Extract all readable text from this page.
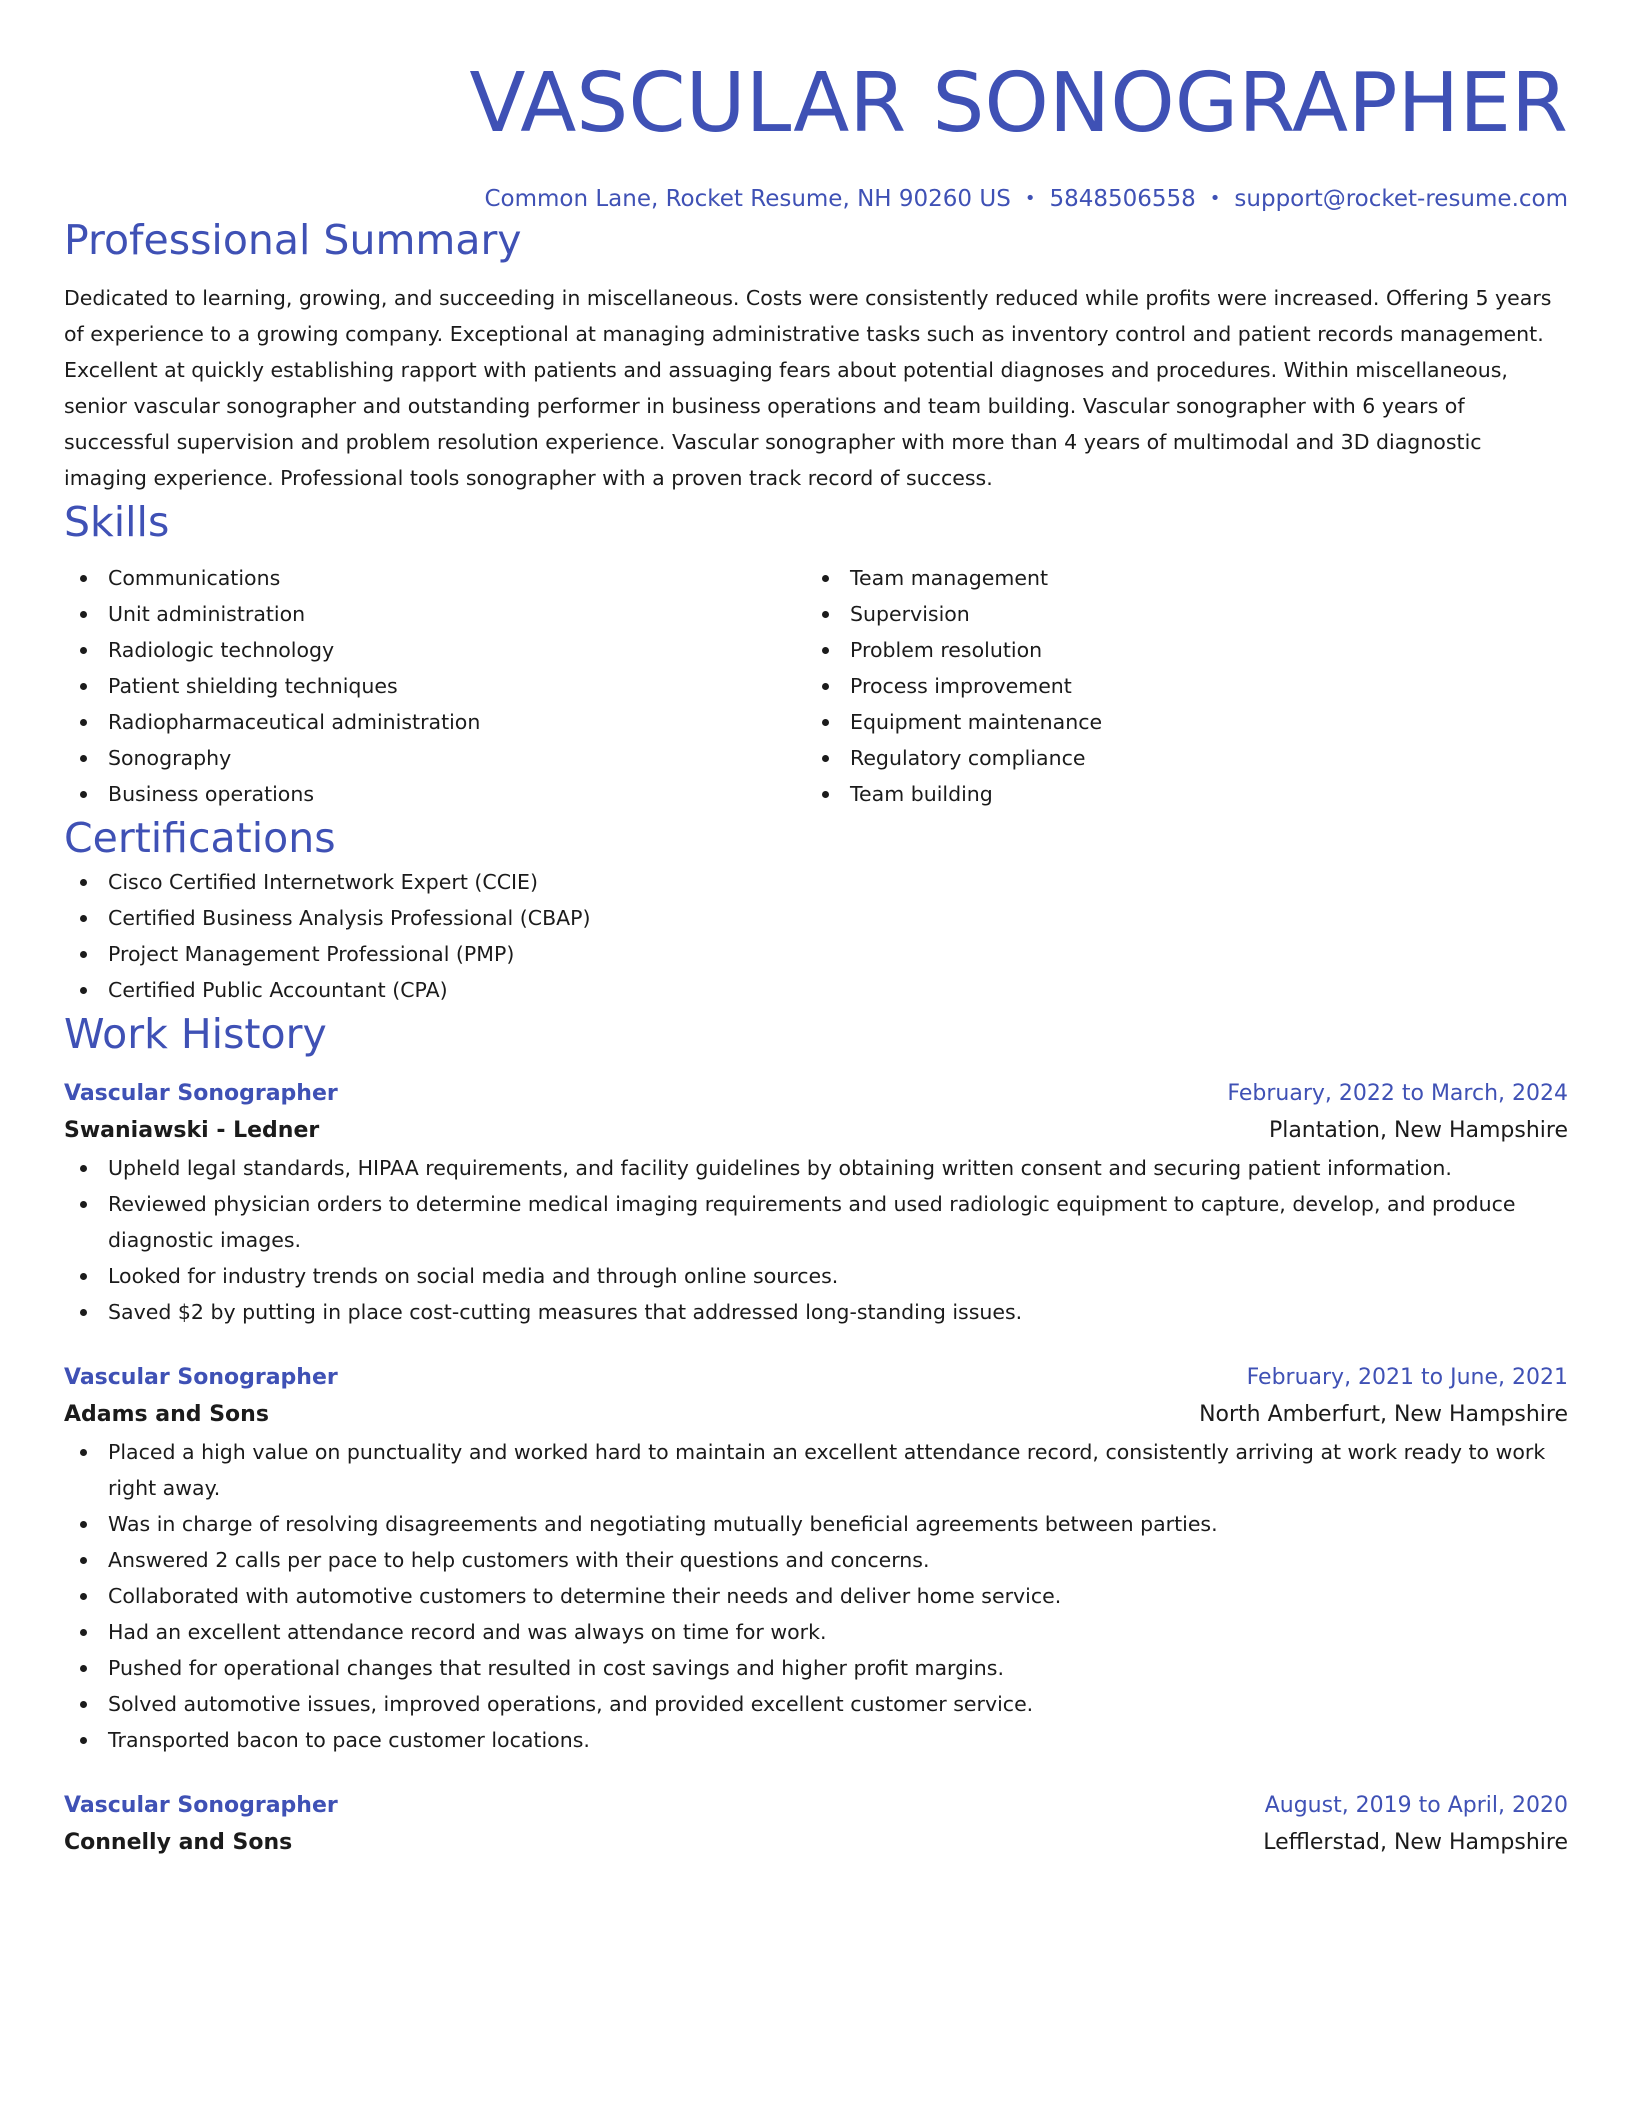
VASCULAR SONOGRAPHER
Common Lane, Rocket Resume, NH 90260 US • 5848506558 • support@rocket-resume.com
Professional Summary

Dedicated to learning, growing, and succeeding in miscellaneous. Costs were consistently reduced while profits were increased. Offering 5 years of experience to a growing company. Exceptional at managing administrative tasks such as inventory control and patient records management. Excellent at quickly establishing rapport with patients and assuaging fears about potential diagnoses and procedures. Within miscellaneous, senior vascular sonographer and outstanding performer in business operations and team building. Vascular sonographer with 6 years of successful supervision and problem resolution experience. Vascular sonographer with more than 4 years of multimodal and 3D diagnostic imaging experience. Professional tools sonographer with a proven track record of success.

Skills
Communications
Unit administration
Radiologic technology
Patient shielding techniques
Radiopharmaceutical administration
Sonography
Business operations
Team management
Supervision
Problem resolution
Process improvement
Equipment maintenance
Regulatory compliance
Team building
Certifications
Cisco Certified Internetwork Expert (CCIE)
Certified Business Analysis Professional (CBAP)
Project Management Professional (PMP)
Certified Public Accountant (CPA)
Work History
Vascular Sonographer	February, 2022 to March, 2024
Swaniawski - Ledner	Plantation, New Hampshire
Upheld legal standards, HIPAA requirements, and facility guidelines by obtaining written consent and securing patient information.
Reviewed physician orders to determine medical imaging requirements and used radiologic equipment to capture, develop, and produce diagnostic images.
Looked for industry trends on social media and through online sources.
Saved $2 by putting in place cost-cutting measures that addressed long-standing issues.
Vascular Sonographer	February, 2021 to June, 2021
Adams and Sons	North Amberfurt, New Hampshire
Placed a high value on punctuality and worked hard to maintain an excellent attendance record, consistently arriving at work ready to work right away.
Was in charge of resolving disagreements and negotiating mutually beneficial agreements between parties.
Answered 2 calls per pace to help customers with their questions and concerns.
Collaborated with automotive customers to determine their needs and deliver home service.
Had an excellent attendance record and was always on time for work.
Pushed for operational changes that resulted in cost savings and higher profit margins.
Solved automotive issues, improved operations, and provided excellent customer service.
Transported bacon to pace customer locations.
Vascular Sonographer	August, 2019 to April, 2020
Connelly and Sons	Lefflerstad, New Hampshire
